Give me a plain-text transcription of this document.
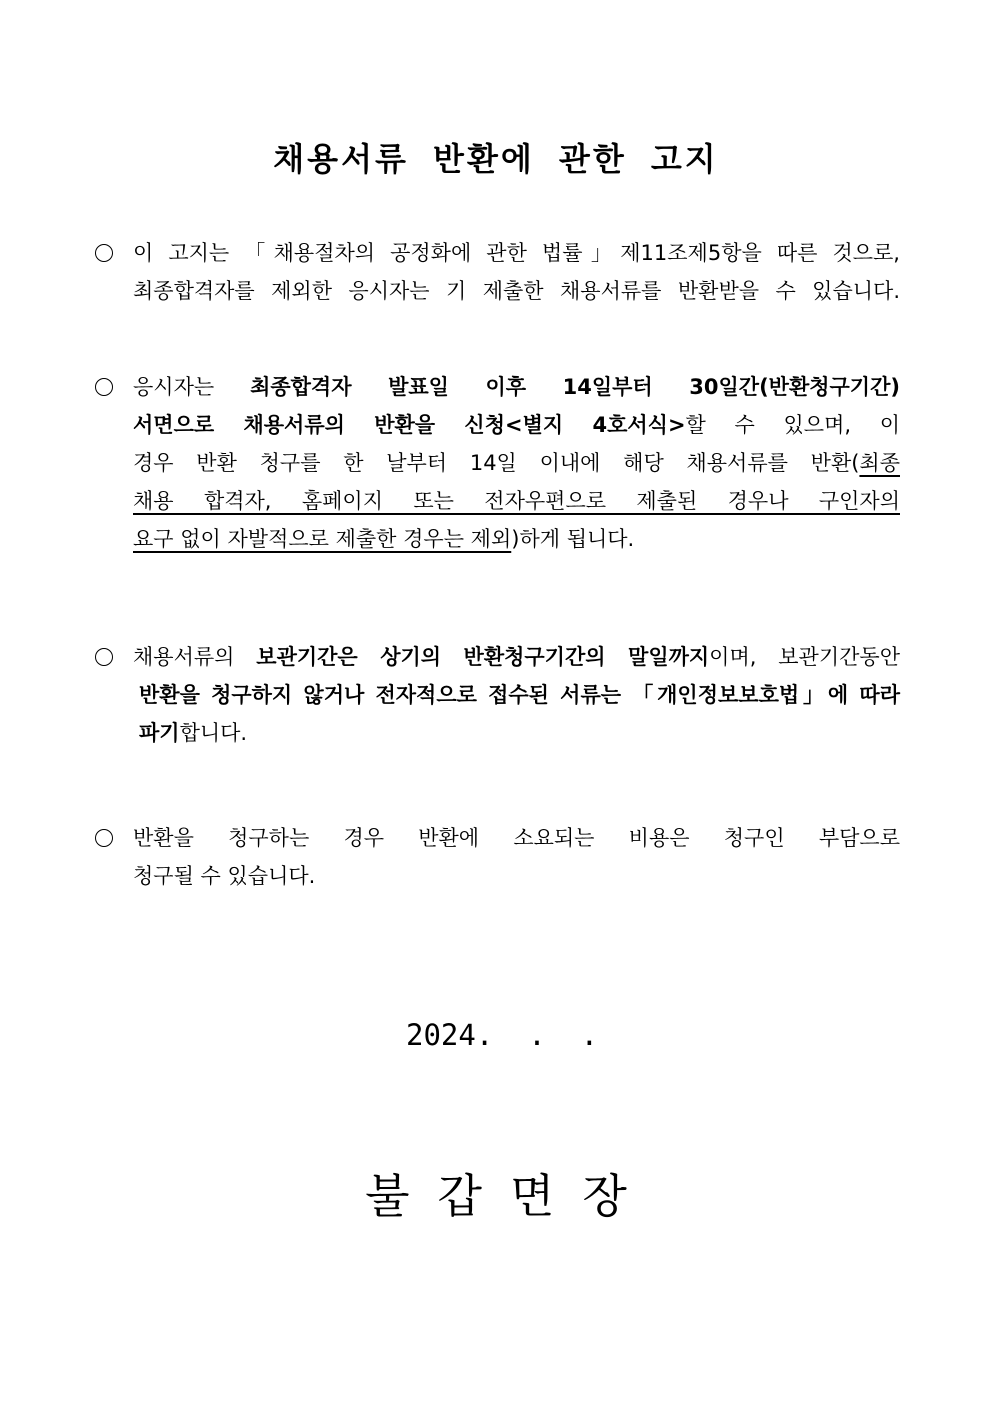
채용서류 반환에 관한 고지
이 고지는 「채용절차의 공정화에 관한 법률」제11조제5항을 따른 것으로,
최종합격자를 제외한 응시자는 기 제출한 채용서류를 반환받을 수 있습니다.
응시자는 최종합격자 발표일 이후 14일부터 30일간(반환청구기간)
서면으로 채용서류의 반환을 신청<별지 4호서식>할 수 있으며, 이
경우 반환 청구를 한 날부터 14일 이내에 해당 채용서류를 반환(최종
채용 합격자, 홈페이지 또는 전자우편으로 제출된 경우나 구인자의
요구 없이 자발적으로 제출한 경우는 제외)하게 됩니다.
채용서류의 보관기간은 상기의 반환청구기간의 말일까지이며, 보관기간동안
반환을 청구하지 않거나 전자적으로 접수된 서류는 「개인정보보호법」에 따라
파기합니다.
반환을 청구하는 경우 반환에 소요되는 비용은 청구인 부담으로
청구될 수 있습니다.
2024.  .  .
불갑면장
